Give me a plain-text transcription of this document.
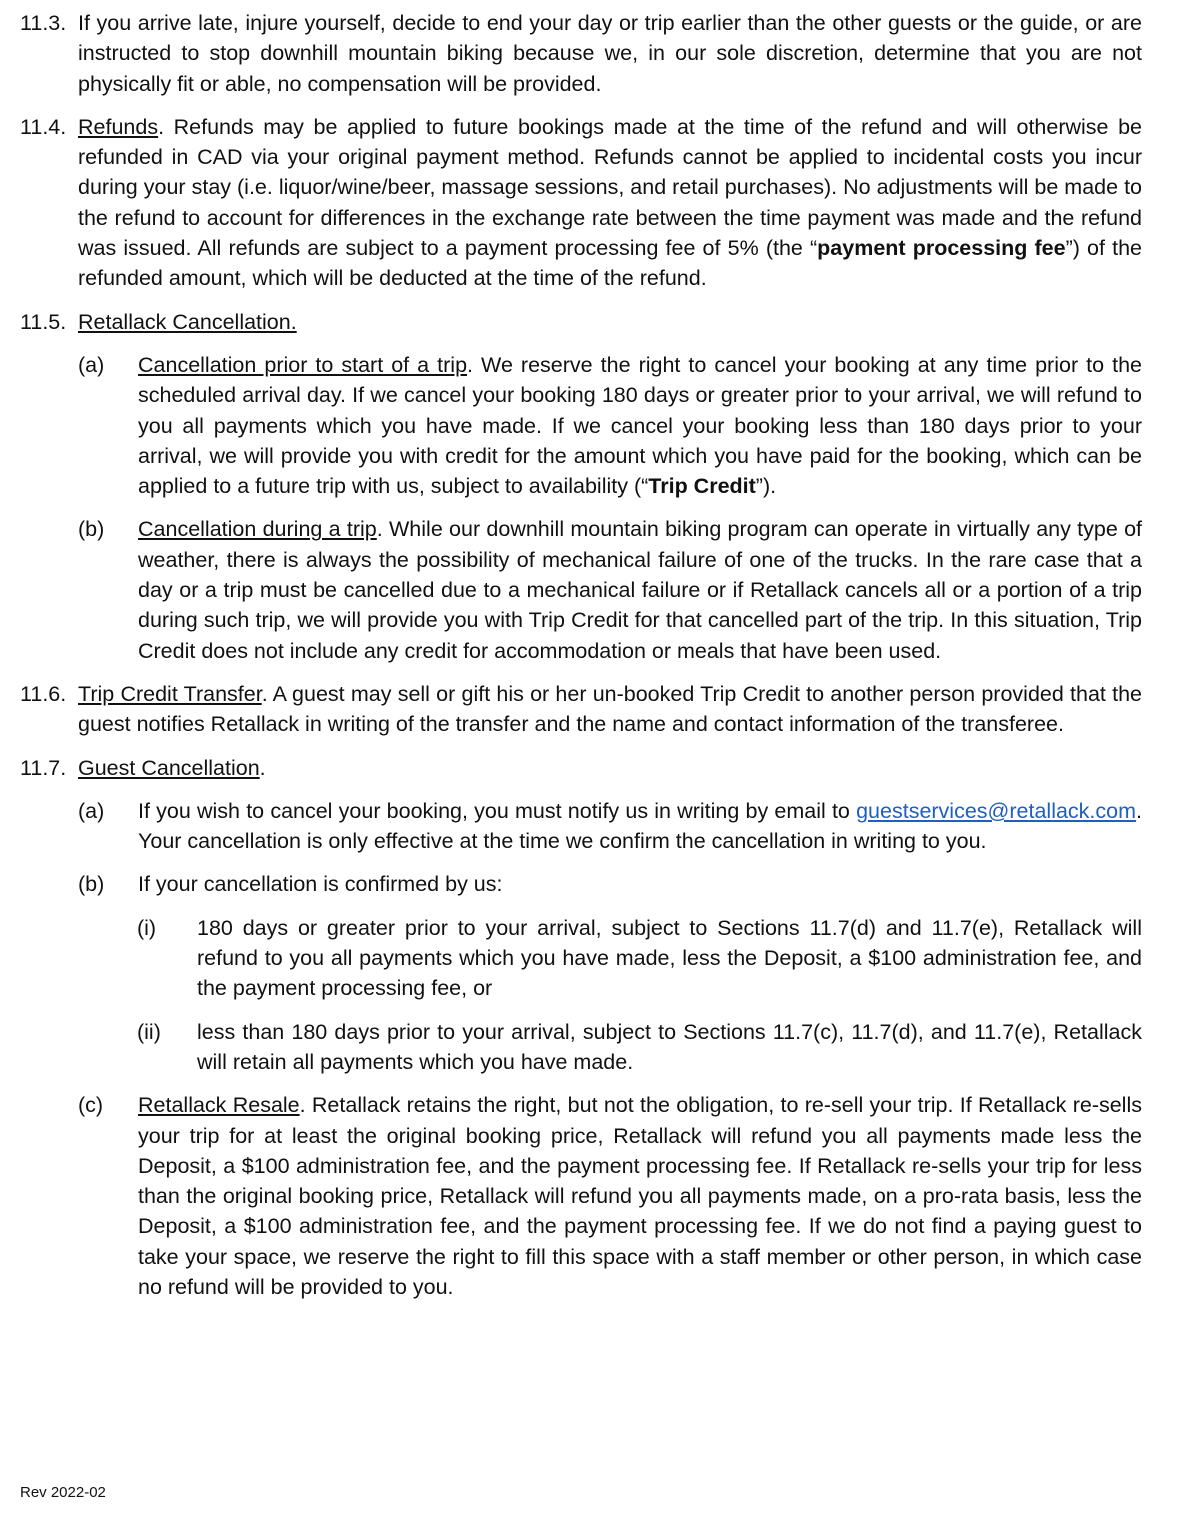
11.3. If you arrive late, injure yourself, decide to end your day or trip earlier than the other guests or the guide, or are instructed to stop downhill mountain biking because we, in our sole discretion, determine that you are not physically fit or able, no compensation will be provided.
11.4. Refunds. Refunds may be applied to future bookings made at the time of the refund and will otherwise be refunded in CAD via your original payment method. Refunds cannot be applied to incidental costs you incur during your stay (i.e. liquor/wine/beer, massage sessions, and retail purchases). No adjustments will be made to the refund to account for differences in the exchange rate between the time payment was made and the refund was issued. All refunds are subject to a payment processing fee of 5% (the “payment processing fee”) of the refunded amount, which will be deducted at the time of the refund.
11.5. Retallack Cancellation.
(a) Cancellation prior to start of a trip. We reserve the right to cancel your booking at any time prior to the scheduled arrival day. If we cancel your booking 180 days or greater prior to your arrival, we will refund to you all payments which you have made. If we cancel your booking less than 180 days prior to your arrival, we will provide you with credit for the amount which you have paid for the booking, which can be applied to a future trip with us, subject to availability (“Trip Credit”).
(b) Cancellation during a trip. While our downhill mountain biking program can operate in virtually any type of weather, there is always the possibility of mechanical failure of one of the trucks. In the rare case that a day or a trip must be cancelled due to a mechanical failure or if Retallack cancels all or a portion of a trip during such trip, we will provide you with Trip Credit for that cancelled part of the trip. In this situation, Trip Credit does not include any credit for accommodation or meals that have been used.
11.6. Trip Credit Transfer. A guest may sell or gift his or her un-booked Trip Credit to another person provided that the guest notifies Retallack in writing of the transfer and the name and contact information of the transferee.
11.7. Guest Cancellation.
(a) If you wish to cancel your booking, you must notify us in writing by email to guestservices@retallack.com. Your cancellation is only effective at the time we confirm the cancellation in writing to you.
(b) If your cancellation is confirmed by us:
(i) 180 days or greater prior to your arrival, subject to Sections 11.7(d) and 11.7(e), Retallack will refund to you all payments which you have made, less the Deposit, a $100 administration fee, and the payment processing fee, or
(ii) less than 180 days prior to your arrival, subject to Sections 11.7(c), 11.7(d), and 11.7(e), Retallack will retain all payments which you have made.
(c) Retallack Resale. Retallack retains the right, but not the obligation, to re-sell your trip. If Retallack re-sells your trip for at least the original booking price, Retallack will refund you all payments made less the Deposit, a $100 administration fee, and the payment processing fee. If Retallack re-sells your trip for less than the original booking price, Retallack will refund you all payments made, on a pro-rata basis, less the Deposit, a $100 administration fee, and the payment processing fee. If we do not find a paying guest to take your space, we reserve the right to fill this space with a staff member or other person, in which case no refund will be provided to you.
Rev 2022-02
